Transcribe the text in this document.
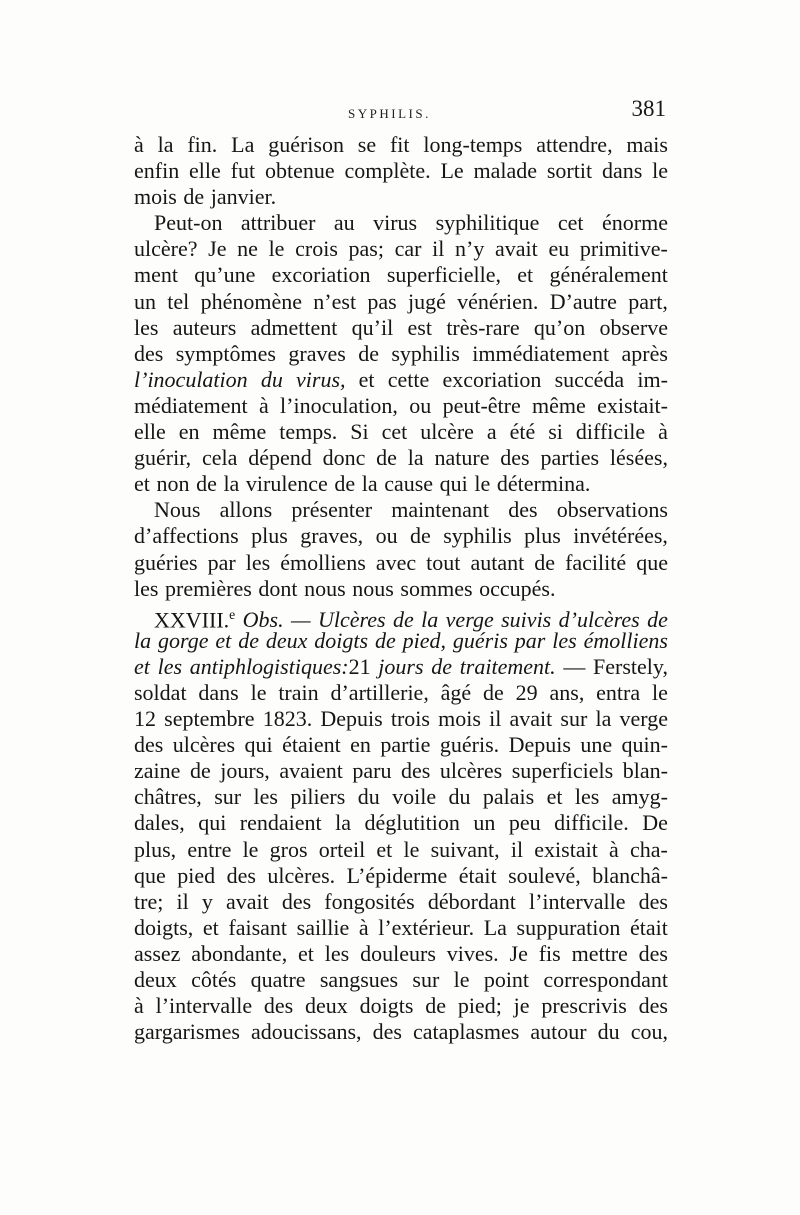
SYPHILIS.	381
à la fin. La guérison se fit long-temps attendre, mais
enfin elle fut obtenue complète. Le malade sortit dans le
mois de janvier.
Peut-on attribuer au virus syphilitique cet énorme
ulcère? Je ne le crois pas; car il n’y avait eu primitive-
ment qu’une excoriation superficielle, et généralement
un tel phénomène n’est pas jugé vénérien. D’autre part,
les auteurs admettent qu’il est très-rare qu’on observe
des symptômes graves de syphilis immédiatement après
l’inoculation du virus, et cette excoriation succéda im-
médiatement à l’inoculation, ou peut-être même existait-
elle en même temps. Si cet ulcère a été si difficile à
guérir, cela dépend donc de la nature des parties lésées,
et non de la virulence de la cause qui le détermina.
Nous allons présenter maintenant des observations
d’affections plus graves, ou de syphilis plus invétérées,
guéries par les émolliens avec tout autant de facilité que
les premières dont nous nous sommes occupés.
XXVIII.$^e$ Obs. — Ulcères de la verge suivis d’ulcères de
la gorge et de deux doigts de pied, guéris par les émolliens
et les antiphlogistiques:21 jours de traitement. — Ferstely,
soldat dans le train d’artillerie, âgé de 29 ans, entra le
12 septembre 1823. Depuis trois mois il avait sur la verge
des ulcères qui étaient en partie guéris. Depuis une quin-
zaine de jours, avaient paru des ulcères superficiels blan-
châtres, sur les piliers du voile du palais et les amyg-
dales, qui rendaient la déglutition un peu difficile. De
plus, entre le gros orteil et le suivant, il existait à cha-
que pied des ulcères. L’épiderme était soulevé, blanchâ-
tre; il y avait des fongosités débordant l’intervalle des
doigts, et faisant saillie à l’extérieur. La suppuration était
assez abondante, et les douleurs vives. Je fis mettre des
deux côtés quatre sangsues sur le point correspondant
à l’intervalle des deux doigts de pied; je prescrivis des
gargarismes adoucissans, des cataplasmes autour du cou,
